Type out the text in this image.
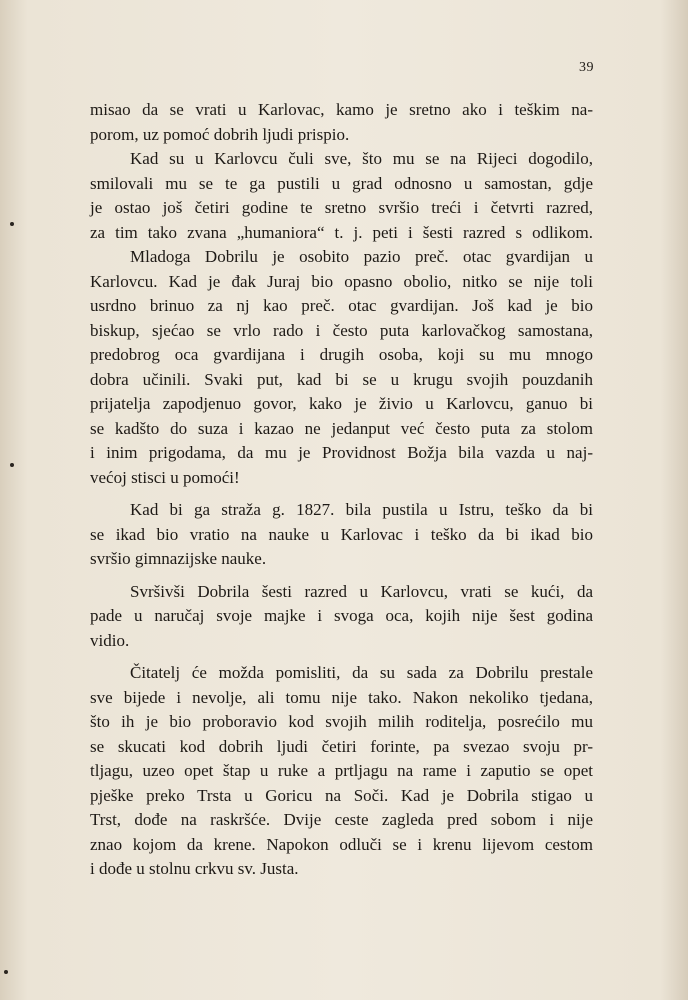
39

misao da se vrati u Karlovac, kamo je sretno ako i teškim na-
porom, uz pomoć dobrih ljudi prispio.

Kad su u Karlovcu čuli sve, što mu se na Rijeci dogodilo,
smilovali mu se te ga pustili u grad odnosno u samostan, gdje
je ostao još četiri godine te sretno svršio treći i četvrti razred,
za tim tako zvana „humaniora“ t. j. peti i šesti razred s odlikom.
Mladoga Dobrilu je osobito pazio preč. otac gvardijan u
Karlovcu. Kad je đak Juraj bio opasno obolio, nitko se nije toli
usrdno brinuo za nj kao preč. otac gvardijan. Još kad je bio
biskup, sjećao se vrlo rado i često puta karlovačkog samostana,
predobrog oca gvardijana i drugih osoba, koji su mu mnogo
dobra učinili. Svaki put, kad bi se u krugu svojih pouzdanih
prijatelja zapodjenuo govor, kako je živio u Karlovcu, ganuo bi
se kadšto do suza i kazao ne jedanput već često puta za stolom
i inim prigodama, da mu je Providnost Božja bila vazda u naj-
većoj stisci u pomoći!

Kad bi ga straža g. 1827. bila pustila u Istru, teško da bi
se ikad bio vratio na nauke u Karlovac i teško da bi ikad bio
svršio gimnazijske nauke.

Svršivši Dobrila šesti razred u Karlovcu, vrati se kući, da
pade u naručaj svoje majke i svoga oca, kojih nije šest godina
vidio.

Čitatelj će možda pomisliti, da su sada za Dobrilu prestale
sve bijede i nevolje, ali tomu nije tako. Nakon nekoliko tjedana,
što ih je bio proboravio kod svojih milih roditelja, posrećilo mu
se skucati kod dobrih ljudi četiri forinte, pa svezao svoju pr-
tljagu, uzeo opet štap u ruke a prtljagu na rame i zaputio se opet
pješke preko Trsta u Goricu na Soči. Kad je Dobrila stigao u
Trst, dođe na raskršće. Dvije ceste zagleda pred sobom i nije
znao kojom da krene. Napokon odluči se i krenu lijevom cestom
i dođe u stolnu crkvu sv. Justa.
